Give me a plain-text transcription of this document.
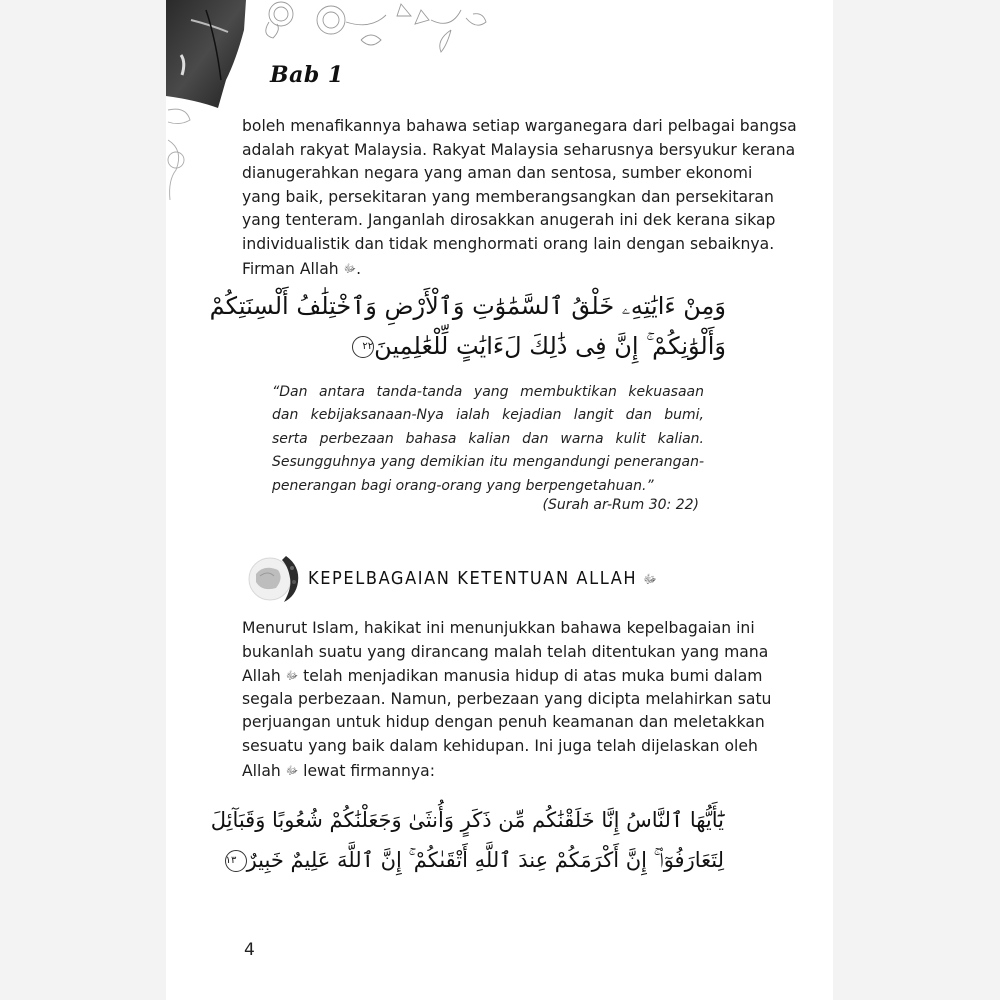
Bab 1
boleh menafikannya bahawa setiap warganegara dari pelbagai bangsa
adalah rakyat Malaysia. Rakyat Malaysia seharusnya bersyukur kerana
dianugerahkan negara yang aman dan sentosa, sumber ekonomi
yang baik, persekitaran yang memberangsangkan dan persekitaran
yang tenteram. Janganlah dirosakkan anugerah ini dek kerana sikap
individualistik dan tidak menghormati orang lain dengan sebaiknya.
Firman Allah ﷻ.
وَمِنْ ءَايَٰتِهِۦ خَلْقُ ٱلسَّمَٰوَٰتِ وَٱلْأَرْضِ وَٱخْتِلَٰفُ أَلْسِنَتِكُمْ
وَأَلْوَٰنِكُمْ ۚ إِنَّ فِى ذَٰلِكَ لَءَايَٰتٍ لِّلْعَٰلِمِينَ٢٢
“Dan antara tanda-tanda yang membuktikan kekuasaan
dan kebijaksanaan-Nya ialah kejadian langit dan bumi,
serta perbezaan bahasa kalian dan warna kulit kalian.
Sesungguhnya yang demikian itu mengandungi penerangan-
penerangan bagi orang-orang yang berpengetahuan.”
(Surah ar-Rum 30: 22)
KEPELBAGAIAN KETENTUAN ALLAH ﷻ
Menurut Islam, hakikat ini menunjukkan bahawa kepelbagaian ini
bukanlah suatu yang dirancang malah telah ditentukan yang mana
Allah ﷻ telah menjadikan manusia hidup di atas muka bumi dalam
segala perbezaan. Namun, perbezaan yang dicipta melahirkan satu
perjuangan untuk hidup dengan penuh keamanan dan meletakkan
sesuatu yang baik dalam kehidupan. Ini juga telah dijelaskan oleh
Allah ﷻ lewat firmannya:
يَٰٓأَيُّهَا ٱلنَّاسُ إِنَّا خَلَقْنَٰكُم مِّن ذَكَرٍ وَأُنثَىٰ وَجَعَلْنَٰكُمْ شُعُوبًا وَقَبَآئِلَ
لِتَعَارَفُوٓا۟ ۚ إِنَّ أَكْرَمَكُمْ عِندَ ٱللَّهِ أَتْقَىٰكُمْ ۚ إِنَّ ٱللَّهَ عَلِيمٌ خَبِيرٌ١٣
4
